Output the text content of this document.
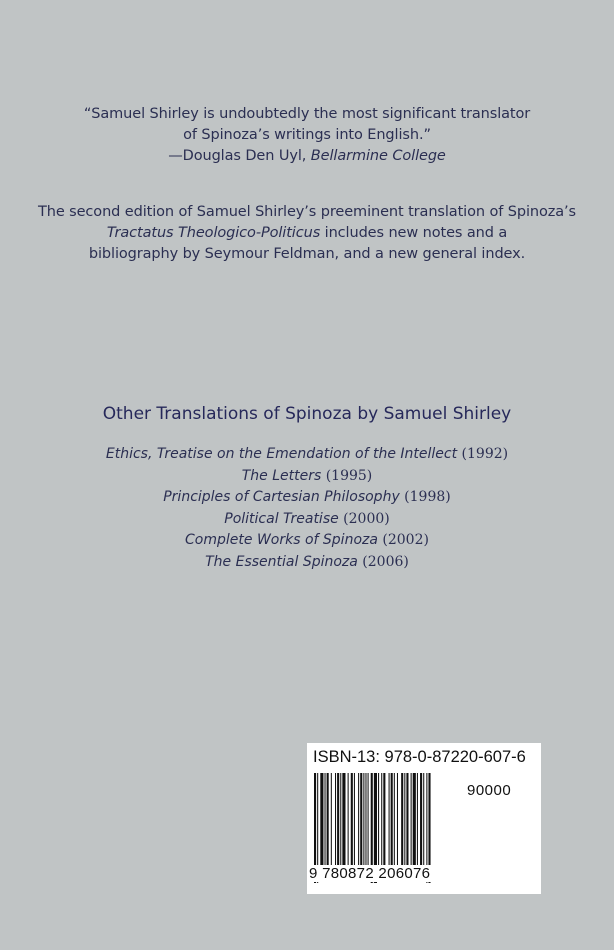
“Samuel Shirley is undoubtedly the most significant translator
of Spinoza’s writings into English.”
—Douglas Den Uyl, Bellarmine College
The second edition of Samuel Shirley’s preeminent translation of Spinoza’s
Tractatus Theologico-Politicus includes new notes and a
bibliography by Seymour Feldman, and a new general index.
Other Translations of Spinoza by Samuel Shirley
Ethics, Treatise on the Emendation of the Intellect (1992)
The Letters (1995)
Principles of Cartesian Philosophy (1998)
Political Treatise (2000)
Complete Works of Spinoza (2002)
The Essential Spinoza (2006)
ISBN-13: 978-0-87220-607-6
90000
9 780872 206076
